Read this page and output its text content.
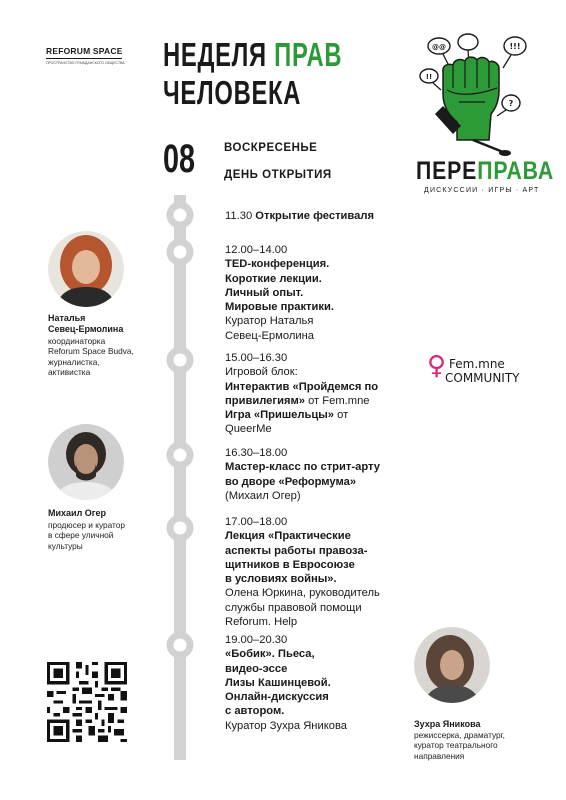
REFORUM SPACE
ПРОСТРАНСТВО ГРАЖДАНСКОГО ОБЩЕСТВА НЕДЕЛЯ ПРАВ
ЧЕЛОВЕКА
08	ВОСКРЕСЕНЬЕ
ДЕНЬ ОТКРЫТИЯ
@@	!!!
!!
?
ПЕРЕПРАВА
ДИСКУССИИ · ИГРЫ · АРТ
11.30 Открытие фестиваля
12.00–14.00
TED-конференция.
Короткие лекции.
Личный опыт.
Мировые практики.
Куратор Наталья
Севец-Ермолина
15.00–16.30
Игровой блок:
Интерактив «Пройдемся по
привилегиям» от Fem.mne
Игра «Пришельцы» от
QueerMe
16.30–18.00
Мастер-класс по стрит-арту
во дворе «Реформума»
(Михаил Огер)
17.00–18.00
Лекция «Практические
аспекты работы правоза-
щитников в Евросоюзе
в условиях войны».
Олена Юркина, руководитель
службы правовой помощи
Reforum. Help
19.00–20.30
«Бобик». Пьеса,
видео-эссе
Лизы Кашинцевой.
Онлайн-дискуссия
с автором.
Куратор Зухра Яникова
Наталья
Севец-Ермолина
координаторка
Reforum Space Budva,
журналистка,
активистка
Михаил Огер
продюсер и куратор
в сфере уличной
культуры
Зухра Яникова
режиссерка, драматург,
куратор театрального
направления
♀ Fem.mne
COMMUNITY
